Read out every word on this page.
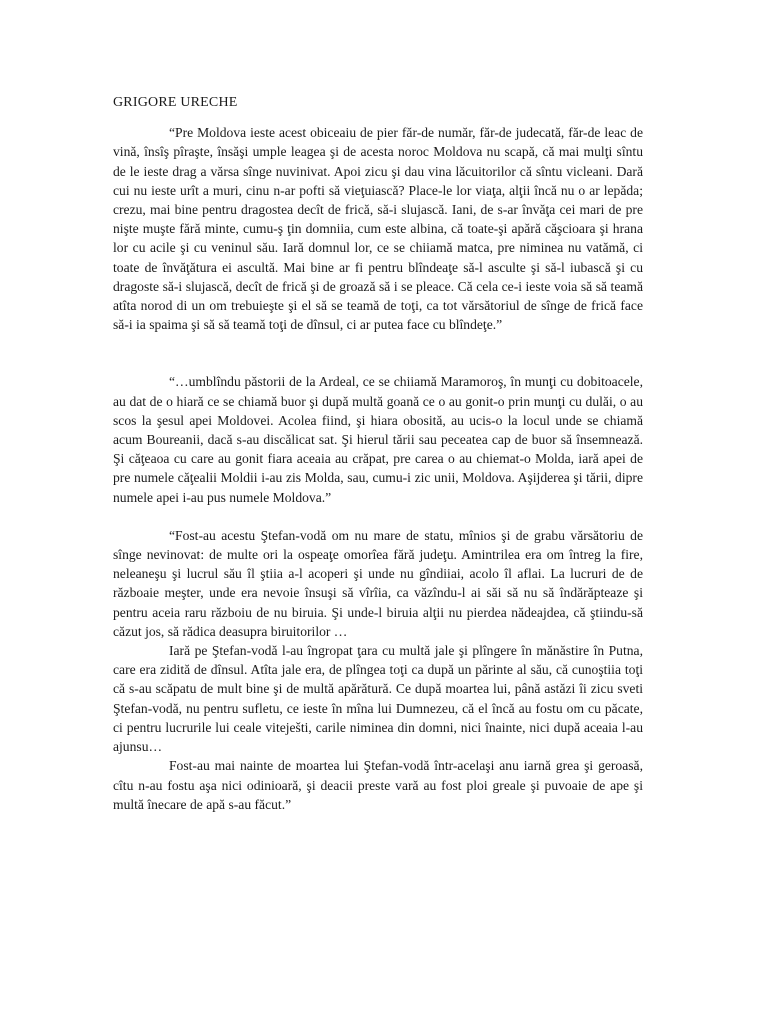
GRIGORE URECHE

“Pre Moldova ieste acest obiceaiu de pier făr-de număr, făr-de judecată, făr-de leac de vină, însîş pîraşte, însăşi umple leagea şi de acesta noroc Moldova nu scapă, că mai mulţi sîntu de le ieste drag a vărsa sînge nuvinivat. Apoi zicu şi dau vina lăcuitorilor că sîntu vicleani. Dară cui nu ieste urît a muri, cinu n-ar pofti să vieţuiască? Place-le lor viaţa, alţii încă nu o ar lepăda; crezu, mai bine pentru dragostea decît de frică, să-i slujască. Iani, de s-ar învăţa cei mari de pre nişte muşte fără minte, cumu-ş ţin domniia, cum este albina, că toate-şi apără căşcioara şi hrana lor cu acile şi cu veninul său. Iară domnul lor, ce se chiiamă matca, pre niminea nu vatămă, ci toate de învăţătura ei ascultă. Mai bine ar fi pentru blîndeaţe să-l asculte şi să-l iubască şi cu dragoste să-i slujască, decît de frică şi de groază să i se pleace. Că cela ce-i ieste voia să să teamă atîta norod di un om trebuieşte şi el să se teamă de toţi, ca tot vărsătoriul de sînge de frică face să-i ia spaima şi să să teamă toţi de dînsul, ci ar putea face cu blîndeţe.”

“…umblîndu păstorii de la Ardeal, ce se chiiamă Maramoroş, în munţi cu dobitoacele, au dat de o hiară ce se chiamă buor şi după multă goană ce o au gonit-o prin munţi cu dulăi, o au scos la şesul apei Moldovei. Acolea fiind, şi hiara obosită, au ucis-o la locul unde se chiamă acum Boureanii, dacă s-au discălicat sat. Şi hierul tării sau peceatea cap de buor să însemnează. Şi căţeaoa cu care au gonit fiara aceaia au crăpat, pre carea o au chiemat-o Molda, iară apei de pre numele căţealii Moldii i-au zis Molda, sau, cumu-i zic unii, Moldova. Aşijderea şi tării, dipre numele apei i-au pus numele Moldova.”

“Fost-au acestu Ştefan-vodă om nu mare de statu, mînios şi de grabu vărsătoriu de sînge nevinovat: de multe ori la ospeaţe omorîea fără judeţu. Amintrilea era om întreg la fire, neleaneşu şi lucrul său îl ştiia a-l acoperi şi unde nu gîndiiai, acolo îl aflai. La lucruri de de războaie meşter, unde era nevoie însuşi să vîrîia, ca văzîndu-l ai săi să nu să îndărăpteaze şi pentru aceia raru războiu de nu biruia. Şi unde-l biruia alţii nu pierdea nădeajdea, că ştiindu-să căzut jos, să rădica deasupra biruitorilor …

Iară pe Ştefan-vodă l-au îngropat ţara cu multă jale şi plîngere în mănăstire în Putna, care era zidită de dînsul. Atîta jale era, de plîngea toţi ca după un părinte al său, că cunoştiia toţi că s-au scăpatu de mult bine şi de multă apărătură. Ce după moartea lui, până astăzi îi zicu sveti Ştefan-vodă, nu pentru sufletu, ce ieste în mîna lui Dumnezeu, că el încă au fostu om cu păcate, ci pentru lucrurile lui ceale viteješti, carile niminea din domni, nici înainte, nici după aceaia l-au ajunsu…

Fost-au mai nainte de moartea lui Ştefan-vodă într-acelaşi anu iarnă grea şi geroasă, cîtu n-au fostu aşa nici odinioară, şi deacii preste vară au fost ploi greale şi puvoaie de ape şi multă înecare de apă s-au făcut.”
